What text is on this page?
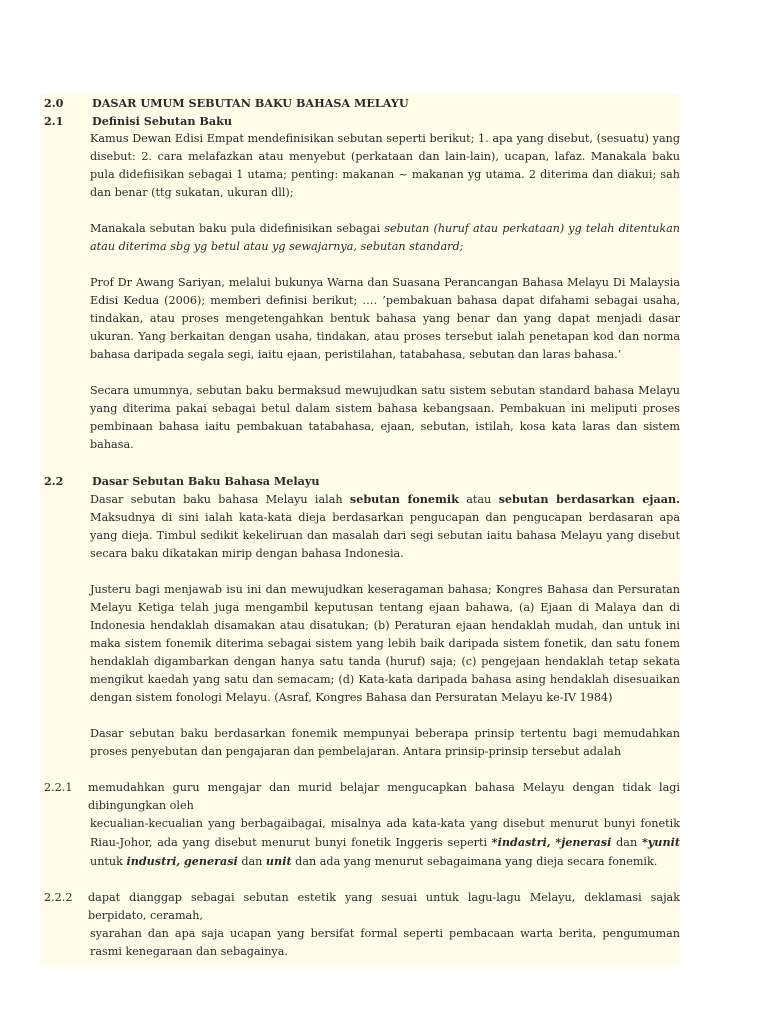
2.0	DASAR UMUM SEBUTAN BAKU BAHASA MELAYU
2.1	Definisi Sebutan Baku
Kamus Dewan Edisi Empat mendefinisikan sebutan seperti berikut; 1. apa yang disebut, (sesuatu) yang disebut: 2. cara melafazkan atau menyebut (perkataan dan lain-lain), ucapan, lafaz. Manakala baku pula didefiisikan sebagai 1 utama; penting: makanan ~ makanan yg utama. 2 diterima dan diakui; sah dan benar (ttg sukatan, ukuran dll);
Manakala sebutan baku pula didefinisikan sebagai sebutan (huruf atau perkataan) yg telah ditentukan atau diterima sbg yg betul atau yg sewajarnya, sebutan standard;
Prof Dr Awang Sariyan, melalui bukunya Warna dan Suasana Perancangan Bahasa Melayu Di Malaysia Edisi Kedua (2006); memberi definisi berikut; …. ’pembakuan bahasa dapat difahami sebagai usaha, tindakan, atau proses mengetengahkan bentuk bahasa yang benar dan yang dapat menjadi dasar ukuran. Yang berkaitan dengan usaha, tindakan, atau proses tersebut ialah penetapan kod dan norma bahasa daripada segala segi, iaitu ejaan, peristilahan, tatabahasa, sebutan dan laras bahasa.’
Secara umumnya, sebutan baku bermaksud mewujudkan satu sistem sebutan standard bahasa Melayu yang diterima pakai sebagai betul dalam sistem bahasa kebangsaan. Pembakuan ini meliputi proses pembinaan bahasa iaitu pembakuan tatabahasa, ejaan, sebutan, istilah, kosa kata laras dan sistem bahasa.
2.2	Dasar Sebutan Baku Bahasa Melayu
Dasar sebutan baku bahasa Melayu ialah sebutan fonemik atau sebutan berdasarkan ejaan. Maksudnya di sini ialah kata-kata dieja berdasarkan pengucapan dan pengucapan berdasaran apa yang dieja. Timbul sedikit kekeliruan dan masalah dari segi sebutan iaitu bahasa Melayu yang disebut secara baku dikatakan mirip dengan bahasa Indonesia.
Justeru bagi menjawab isu ini dan mewujudkan keseragaman bahasa; Kongres Bahasa dan Persuratan Melayu Ketiga telah juga mengambil keputusan tentang ejaan bahawa, (a) Ejaan di Malaya dan di Indonesia hendaklah disamakan atau disatukan; (b) Peraturan ejaan hendaklah mudah, dan untuk ini maka sistem fonemik diterima sebagai sistem yang lebih baik daripada sistem fonetik, dan satu fonem hendaklah digambarkan dengan hanya satu tanda (huruf) saja; (c) pengejaan hendaklah tetap sekata mengikut kaedah yang satu dan semacam; (d) Kata-kata daripada bahasa asing hendaklah disesuaikan dengan sistem fonologi Melayu. (Asraf, Kongres Bahasa dan Persuratan Melayu ke-IV 1984)
Dasar sebutan baku berdasarkan fonemik mempunyai beberapa prinsip tertentu bagi memudahkan proses penyebutan dan pengajaran dan pembelajaran. Antara prinsip-prinsip tersebut adalah
2.2.1	memudahkan guru mengajar dan murid belajar mengucapkan bahasa Melayu dengan tidak lagi dibingungkan oleh
kecualian-kecualian yang berbagaibagai, misalnya ada kata-kata yang disebut menurut bunyi fonetik Riau-Johor, ada yang disebut menurut bunyi fonetik Inggeris seperti *indastri, *jenerasi dan *yunit untuk industri, generasi dan unit dan ada yang menurut sebagaimana yang dieja secara fonemik.
2.2.2	dapat dianggap sebagai sebutan estetik yang sesuai untuk lagu-lagu Melayu, deklamasi sajak berpidato, ceramah,
syarahan dan apa saja ucapan yang bersifat formal seperti pembacaan warta berita, pengumuman rasmi kenegaraan dan sebagainya.
